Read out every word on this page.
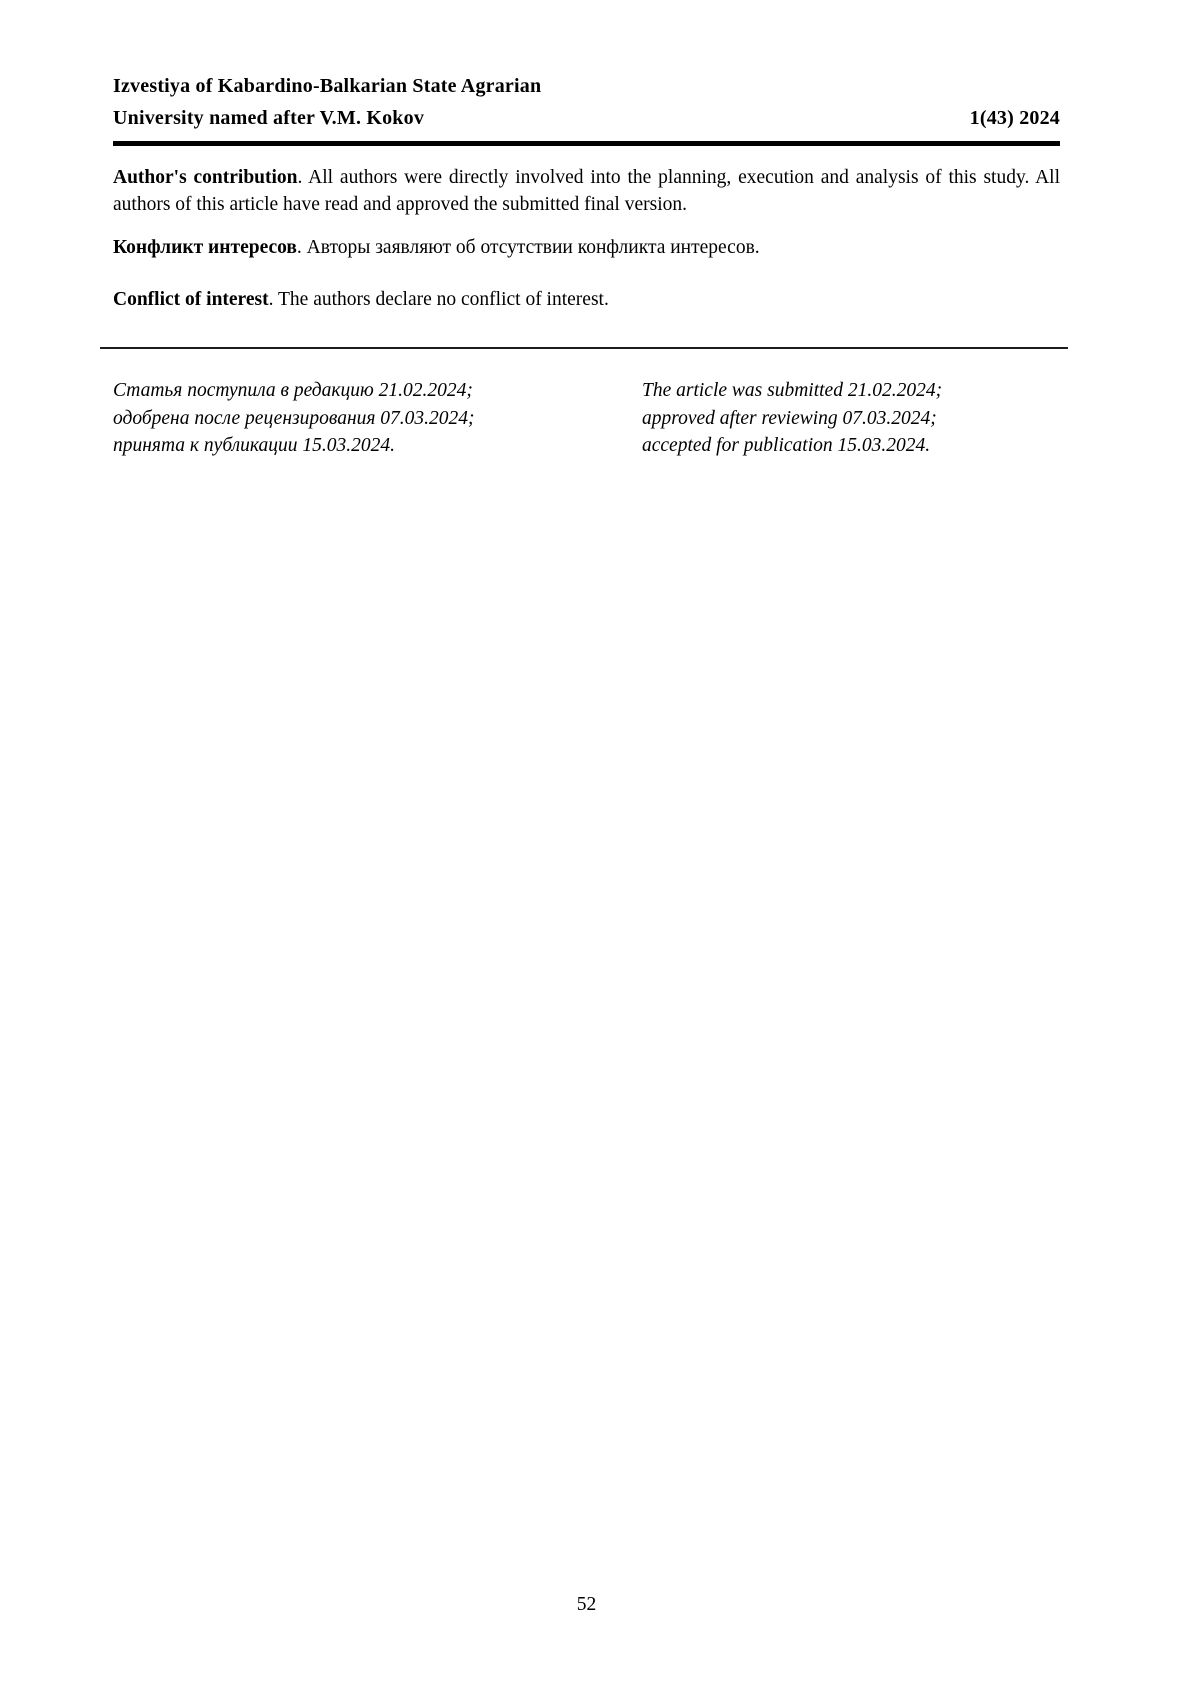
Izvestiya of Kabardino-Balkarian State Agrarian
University named after V.M. Kokov	1(43) 2024

Author's contribution. All authors were directly involved into the planning, execution and analysis of this study. All authors of this article have read and approved the submitted final version.

Конфликт интересов. Авторы заявляют об отсутствии конфликта интересов.

Conflict of interest. The authors declare no conflict of interest.

Статья поступила в редакцию 21.02.2024;
одобрена после рецензирования 07.03.2024;
принята к публикации 15.03.2024.
The article was submitted 21.02.2024;
approved after reviewing 07.03.2024;
accepted for publication 15.03.2024.
52
